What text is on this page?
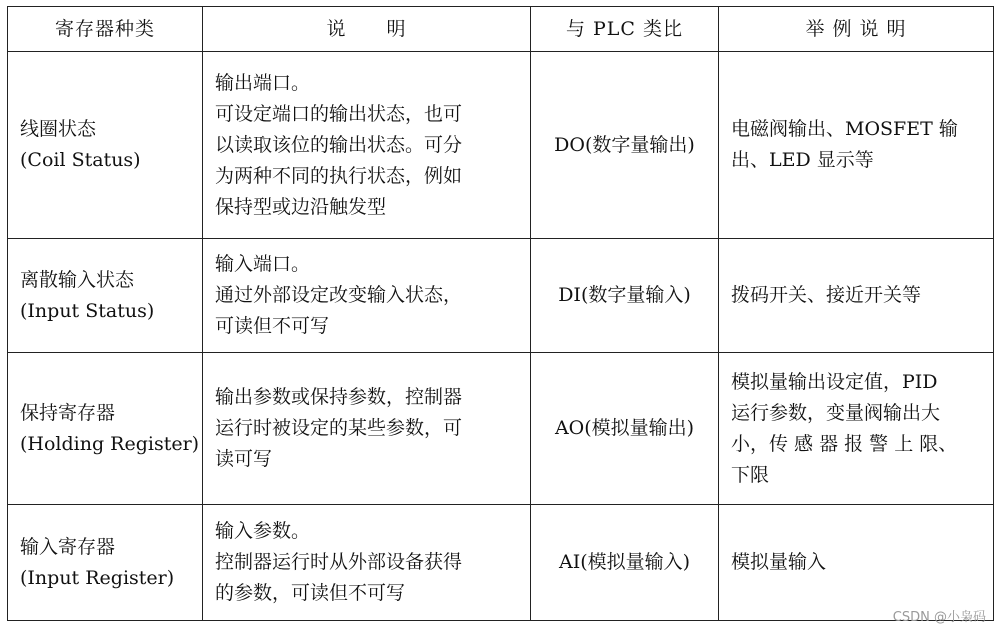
寄存器种类	说　　明	与 PLC 类比	举 例 说 明

线圈状态
(Coil Status)	输出端口。
可设定端口的输出状态，也可
以读取该位的输出状态。可分
为两种不同的执行状态，例如
保持型或边沿触发型	DO(数字量输出)	电磁阀输出、MOSFET 输
出、LED 显示等

离散输入状态
(Input Status)	输入端口。
通过外部设定改变输入状态，
可读但不可写	DI(数字量输入)	拨码开关、接近开关等

保持寄存器
(Holding Register)	输出参数或保持参数，控制器
运行时被设定的某些参数，可
读可写	AO(模拟量输出)	模拟量输出设定值，PID
运行参数，变量阀输出大
小，传 感 器 报 警 上 限、
下限

输入寄存器
(Input Register)	输入参数。
控制器运行时从外部设备获得
的参数，可读但不可写	AI(模拟量输入)	模拟量输入
CSDN @小枭码
